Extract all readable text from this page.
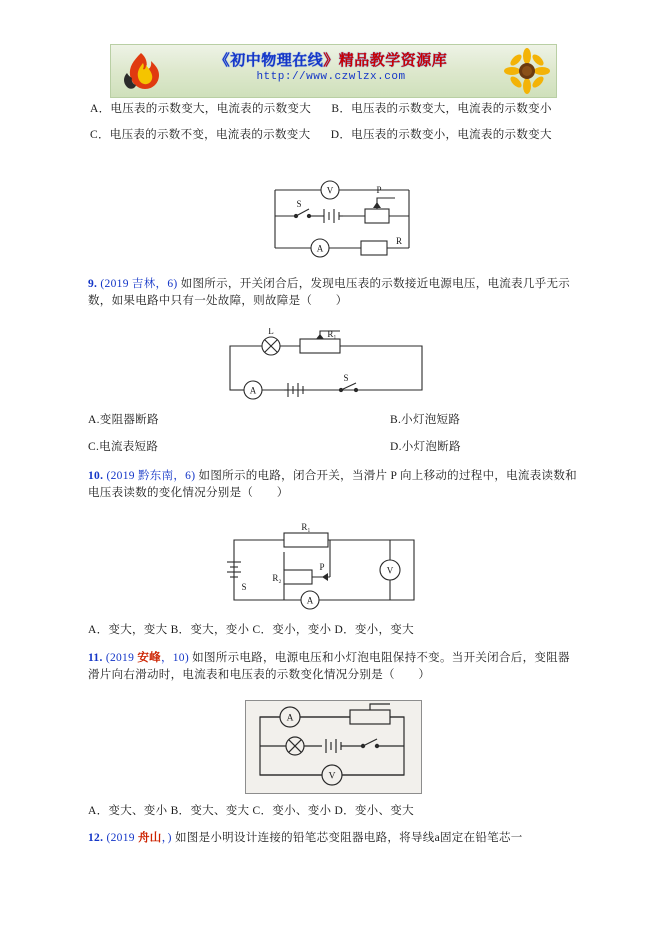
《初中物理在线》精品教学资源库
http://www.czwlzx.com
A．电压表的示数变大，电流表的示数变大 B．电压表的示数变大，电流表的示数变小
C．电压表的示数不变，电流表的示数变大 D．电压表的示数变小，电流表的示数变大
V
A
S
P
R
9. (2019 吉林，6) 如图所示，开关闭合后，发现电压表的示数接近电源电压，电流表几乎无示数，如果电路中只有一处故障，则故障是（　　）
L
A
S
R₁
A.变阻器断路	B.小灯泡短路
C.电流表短路	D.小灯泡断路
10. (2019 黔东南，6) 如图所示的电路，闭合开关，当滑片 P 向上移动的过程中，电流表读数和电压表读数的变化情况分别是（　　）
R₁
R₂
A
V
S
P
A．变大，变大 B．变大，变小 C．变小，变小 D．变小，变大
11. (2019 安峰，10) 如图所示电路，电源电压和小灯泡电阻保持不变。当开关闭合后，变阻器滑片向右滑动时，电流表和电压表的示数变化情况分别是（　　）
A
V
A．变大、变小 B．变大、变大 C．变小、变小 D．变小、变大
12. (2019 舟山，) 如图是小明设计连接的铅笔芯变阻器电路，将导线a固定在铅笔芯一
